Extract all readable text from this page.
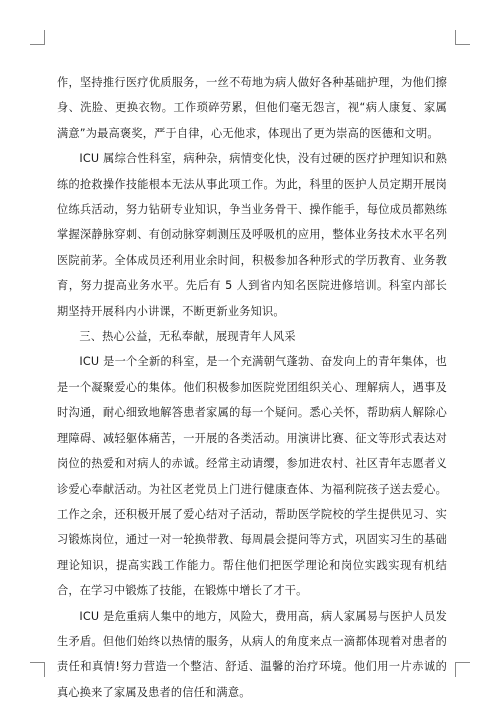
作，坚持推行医疗优质服务，一丝不苟地为病人做好各种基础护理，为他们擦身、洗脸、更换衣物。工作琐碎劳累，但他们毫无怨言，视“病人康复、家属满意”为最高褒奖，严于自律，心无他求，体现出了更为崇高的医德和文明。

ICU 属综合性科室，病种杂，病情变化快，没有过硬的医疗护理知识和熟练的抢救操作技能根本无法从事此项工作。为此，科里的医护人员定期开展岗位练兵活动，努力钻研专业知识，争当业务骨干、操作能手，每位成员都熟练掌握深静脉穿刺、有创动脉穿刺测压及呼吸机的应用，整体业务技术水平名列医院前茅。全体成员还利用业余时间，积极参加各种形式的学历教育、业务教育，努力提高业务水平。先后有 5 人到省内知名医院进修培训。科室内部长期坚持开展科内小讲课，不断更新业务知识。

三、热心公益，无私奉献，展现青年人风采

ICU 是一个全新的科室，是一个充满朝气蓬勃、奋发向上的青年集体，也是一个凝聚爱心的集体。他们积极参加医院党团组织关心、理解病人，遇事及时沟通，耐心细致地解答患者家属的每一个疑问。悉心关怀，帮助病人解除心理障碍、减轻躯体痛苦，一开展的各类活动。用演讲比赛、征文等形式表达对岗位的热爱和对病人的赤诚。经常主动请缨，参加进农村、社区青年志愿者义诊爱心奉献活动。为社区老党员上门进行健康查体、为福利院孩子送去爱心。工作之余，还积极开展了爱心结对子活动，帮助医学院校的学生提供见习、实习锻炼岗位，通过一对一轮换带教、每周晨会提问等方式，巩固实习生的基础理论知识，提高实践工作能力。帮住他们把医学理论和岗位实践实现有机结合，在学习中锻炼了技能，在锻炼中增长了才干。

ICU 是危重病人集中的地方，风险大，费用高，病人家属易与医护人员发生矛盾。但他们始终以热情的服务，从病人的角度来点一滴都体现着对患者的责任和真情!努力营造一个整洁、舒适、温馨的治疗环境。他们用一片赤诚的真心换来了家属及患者的信任和满意。
